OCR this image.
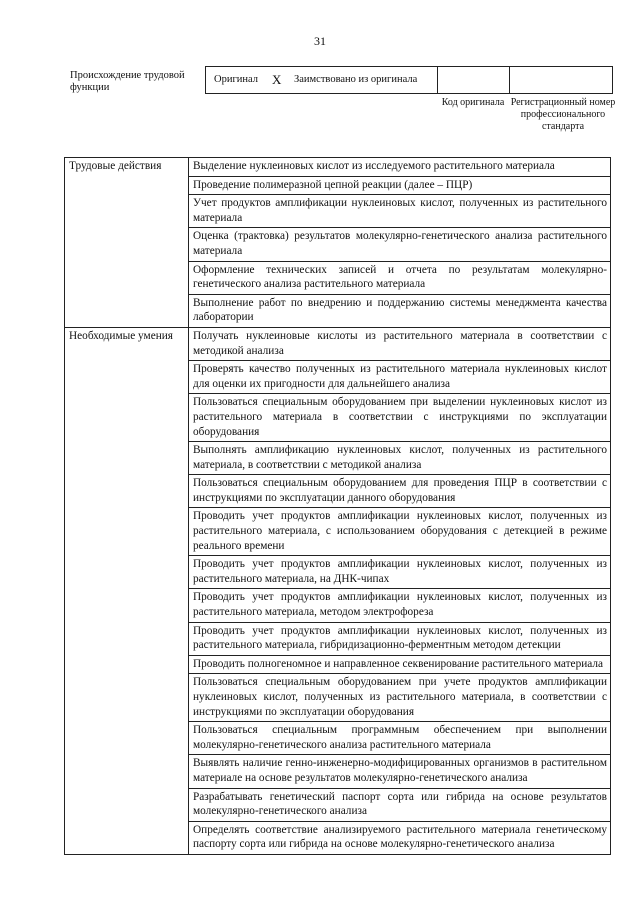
31
Происхождение трудовой функции
Оригинал X Заимствовано из оригинала
Код оригинала Регистрационный номер профессионального стандарта
Трудовые действия	Выделение нуклеиновых кислот из исследуемого растительного материала
	Проведение полимеразной цепной реакции (далее – ПЦР)
	Учет продуктов амплификации нуклеиновых кислот, полученных из растительного материала
	Оценка (трактовка) результатов молекулярно-генетического анализа растительного материала
	Оформление технических записей и отчета по результатам молекулярно-генетического анализа растительного материала
	Выполнение работ по внедрению и поддержанию системы менеджмента качества лаборатории
Необходимые умения	Получать нуклеиновые кислоты из растительного материала в соответствии с методикой анализа
	Проверять качество полученных из растительного материала нуклеиновых кислот для оценки их пригодности для дальнейшего анализа
	Пользоваться специальным оборудованием при выделении нуклеиновых кислот из растительного материала в соответствии с инструкциями по эксплуатации оборудования
	Выполнять амплификацию нуклеиновых кислот, полученных из растительного материала, в соответствии с методикой анализа
	Пользоваться специальным оборудованием для проведения ПЦР в соответствии с инструкциями по эксплуатации данного оборудования
	Проводить учет продуктов амплификации нуклеиновых кислот, полученных из растительного материала, с использованием оборудования с детекцией в режиме реального времени
	Проводить учет продуктов амплификации нуклеиновых кислот, полученных из растительного материала, на ДНК-чипах
	Проводить учет продуктов амплификации нуклеиновых кислот, полученных из растительного материала, методом электрофореза
	Проводить учет продуктов амплификации нуклеиновых кислот, полученных из растительного материала, гибридизационно-ферментным методом детекции
	Проводить полногеномное и направленное секвенирование растительного материала
	Пользоваться специальным оборудованием при учете продуктов амплификации нуклеиновых кислот, полученных из растительного материала, в соответствии с инструкциями по эксплуатации оборудования
	Пользоваться специальным программным обеспечением при выполнении молекулярно-генетического анализа растительного материала
	Выявлять наличие генно-инженерно-модифицированных организмов в растительном материале на основе результатов молекулярно-генетического анализа
	Разрабатывать генетический паспорт сорта или гибрида на основе результатов молекулярно-генетического анализа
	Определять соответствие анализируемого растительного материала генетическому паспорту сорта или гибрида на основе молекулярно-генетического анализа
